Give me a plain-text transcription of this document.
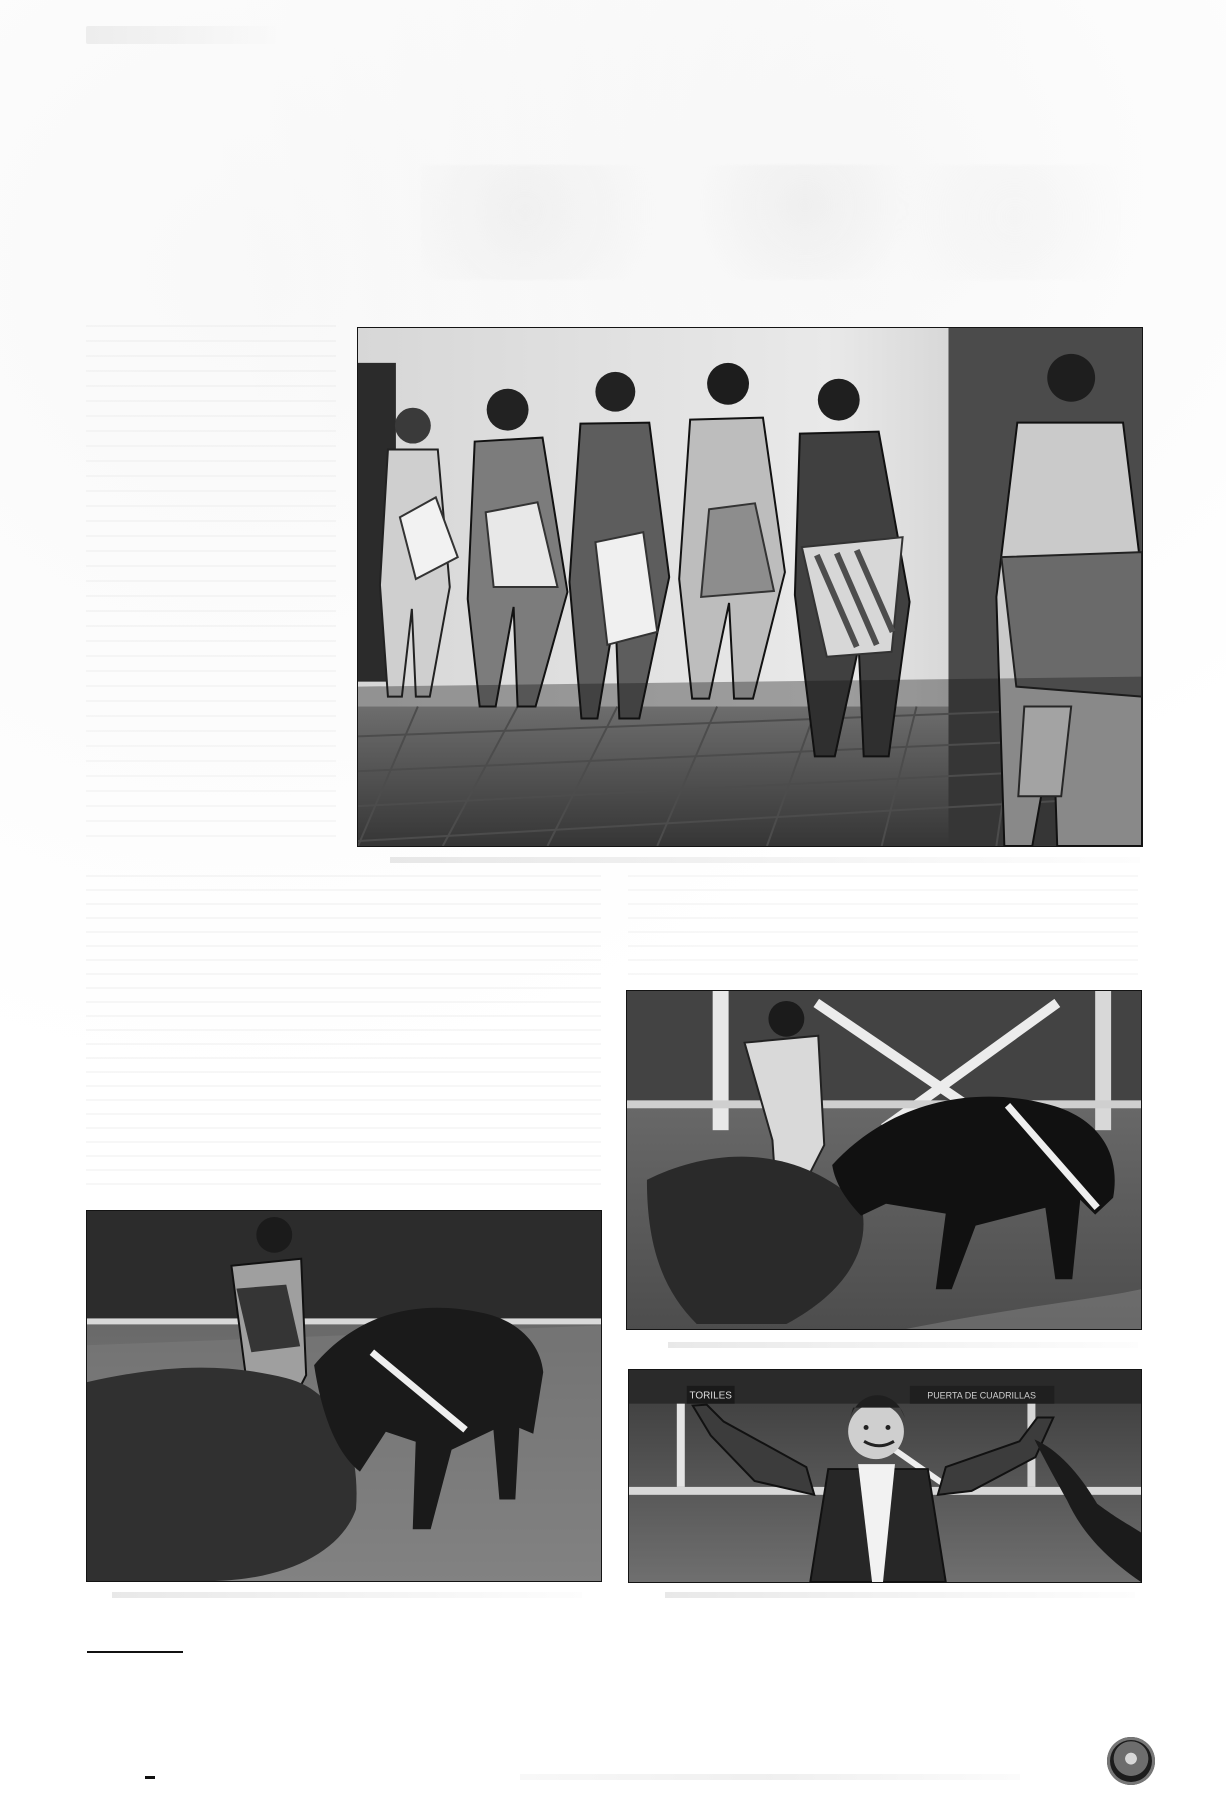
TORILES	PUERTA DE CUADRILLAS
